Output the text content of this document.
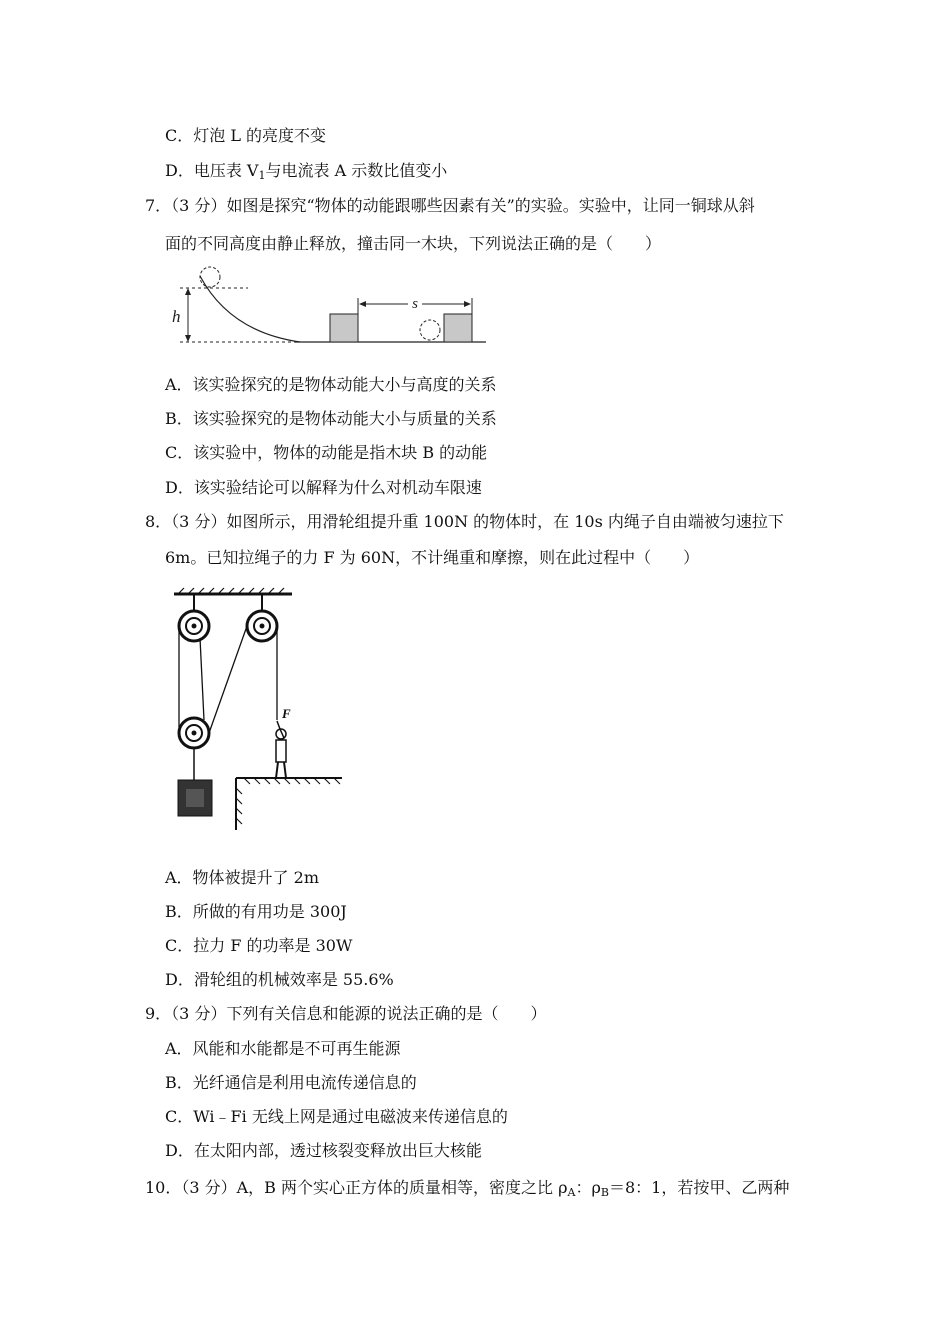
C．灯泡 L 的亮度不变
D．电压表 $V_1$与电流表 A 示数比值变小
7．（3 分）如图是探究“物体的动能跟哪些因素有关”的实验。实验中，让同一铜球从斜
面的不同高度由静止释放，撞击同一木块，下列说法正确的是（　　）
s
h
A．该实验探究的是物体动能大小与高度的关系
B．该实验探究的是物体动能大小与质量的关系
C．该实验中，物体的动能是指木块 B 的动能
D．该实验结论可以解释为什么对机动车限速
8．（3 分）如图所示，用滑轮组提升重 100N 的物体时，在 10s 内绳子自由端被匀速拉下
6m。已知拉绳子的力 F 为 60N，不计绳重和摩擦，则在此过程中（　　）
F
A．物体被提升了 2m
B．所做的有用功是 300J
C．拉力 F 的功率是 30W
D．滑轮组的机械效率是 55.6%
9．（3 分）下列有关信息和能源的说法正确的是（　　）
A．风能和水能都是不可再生能源
B．光纤通信是利用电流传递信息的
C．Wi﹣Fi 无线上网是通过电磁波来传递信息的
D．在太阳内部，透过核裂变释放出巨大核能
10．（3 分）A，B 两个实心正方体的质量相等，密度之比 $\rho_A$：$\rho_B=8$：1，若按甲、乙两种
